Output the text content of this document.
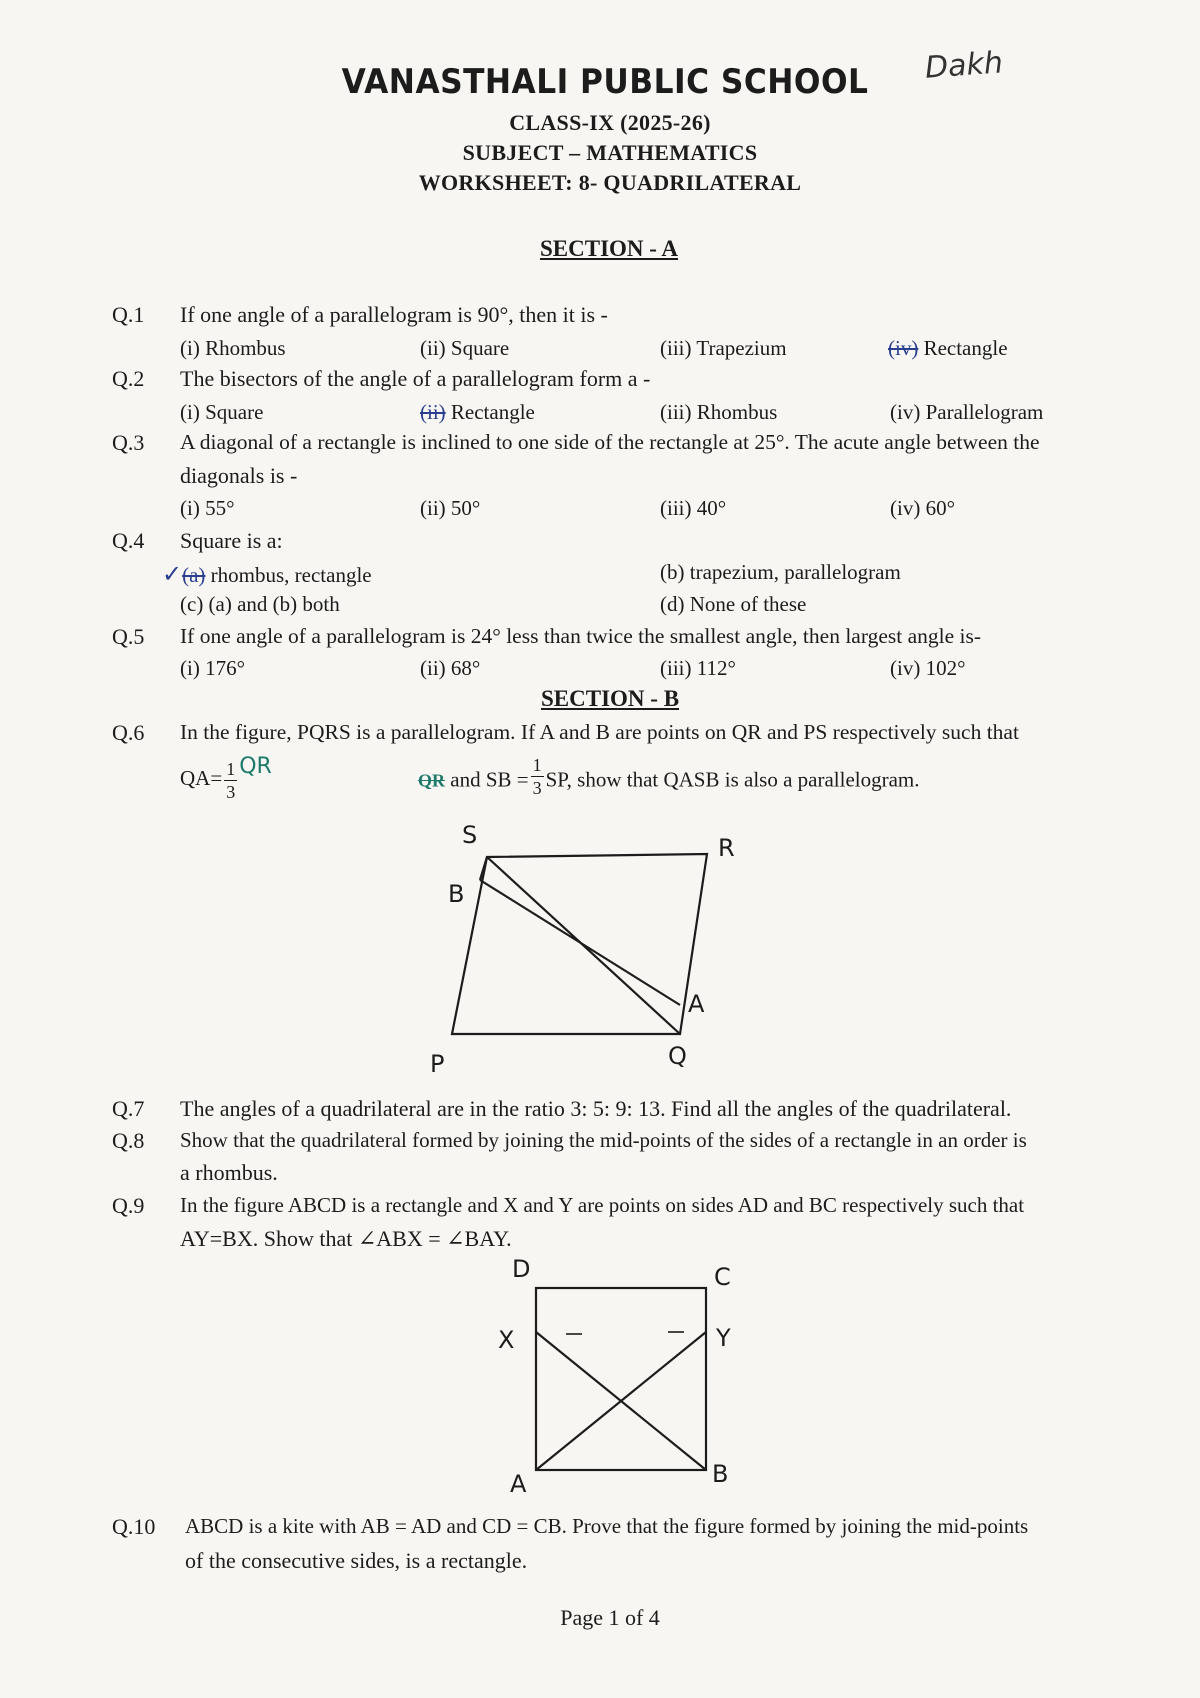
VANASTHALI PUBLIC SCHOOL	Dakh
CLASS-IX (2025-26)
SUBJECT – MATHEMATICS
WORKSHEET: 8- QUADRILATERAL
SECTION - A
Q.1 If one angle of a parallelogram is 90°, then it is -
(i) Rhombus	(ii) Square	(iii) Trapezium	(iv) Rectangle
Q.2 The bisectors of the angle of a parallelogram form a -
(i) Square	(ii) Rectangle	(iii) Rhombus	(iv) Parallelogram
Q.3 A diagonal of a rectangle is inclined to one side of the rectangle at 25°. The acute angle between the
diagonals is -
(i) 55°	(ii) 50°	(iii) 40°	(iv) 60°
Q.4 Square is a:
✓(a) rhombus, rectangle	(b) trapezium, parallelogram
(c) (a) and (b) both	(d) None of these
Q.5 If one angle of a parallelogram is 24° less than twice the smallest angle, then largest angle is-
(i) 176°	(ii) 68°	(iii) 112°	(iv) 102°
SECTION - B
Q.6 In the figure, PQRS is a parallelogram. If A and B are points on QR and PS respectively such that
$QA= \frac{1}{3}$ QR
QR and SB = $\frac{1}{3}$ SP, show that QASB is also a parallelogram.
S	R
B
A
P	Q
D	C
X	Y
A	B
Q.7 The angles of a quadrilateral are in the ratio 3: 5: 9: 13. Find all the angles of the quadrilateral.
Q.8 Show that the quadrilateral formed by joining the mid-points of the sides of a rectangle in an order is
a rhombus.
Q.9 In the figure ABCD is a rectangle and X and Y are points on sides AD and BC respectively such that
AY=BX. Show that ∠ABX = ∠BAY.
Q.10 ABCD is a kite with AB = AD and CD = CB. Prove that the figure formed by joining the mid-points
of the consecutive sides, is a rectangle.
Page 1 of 4
